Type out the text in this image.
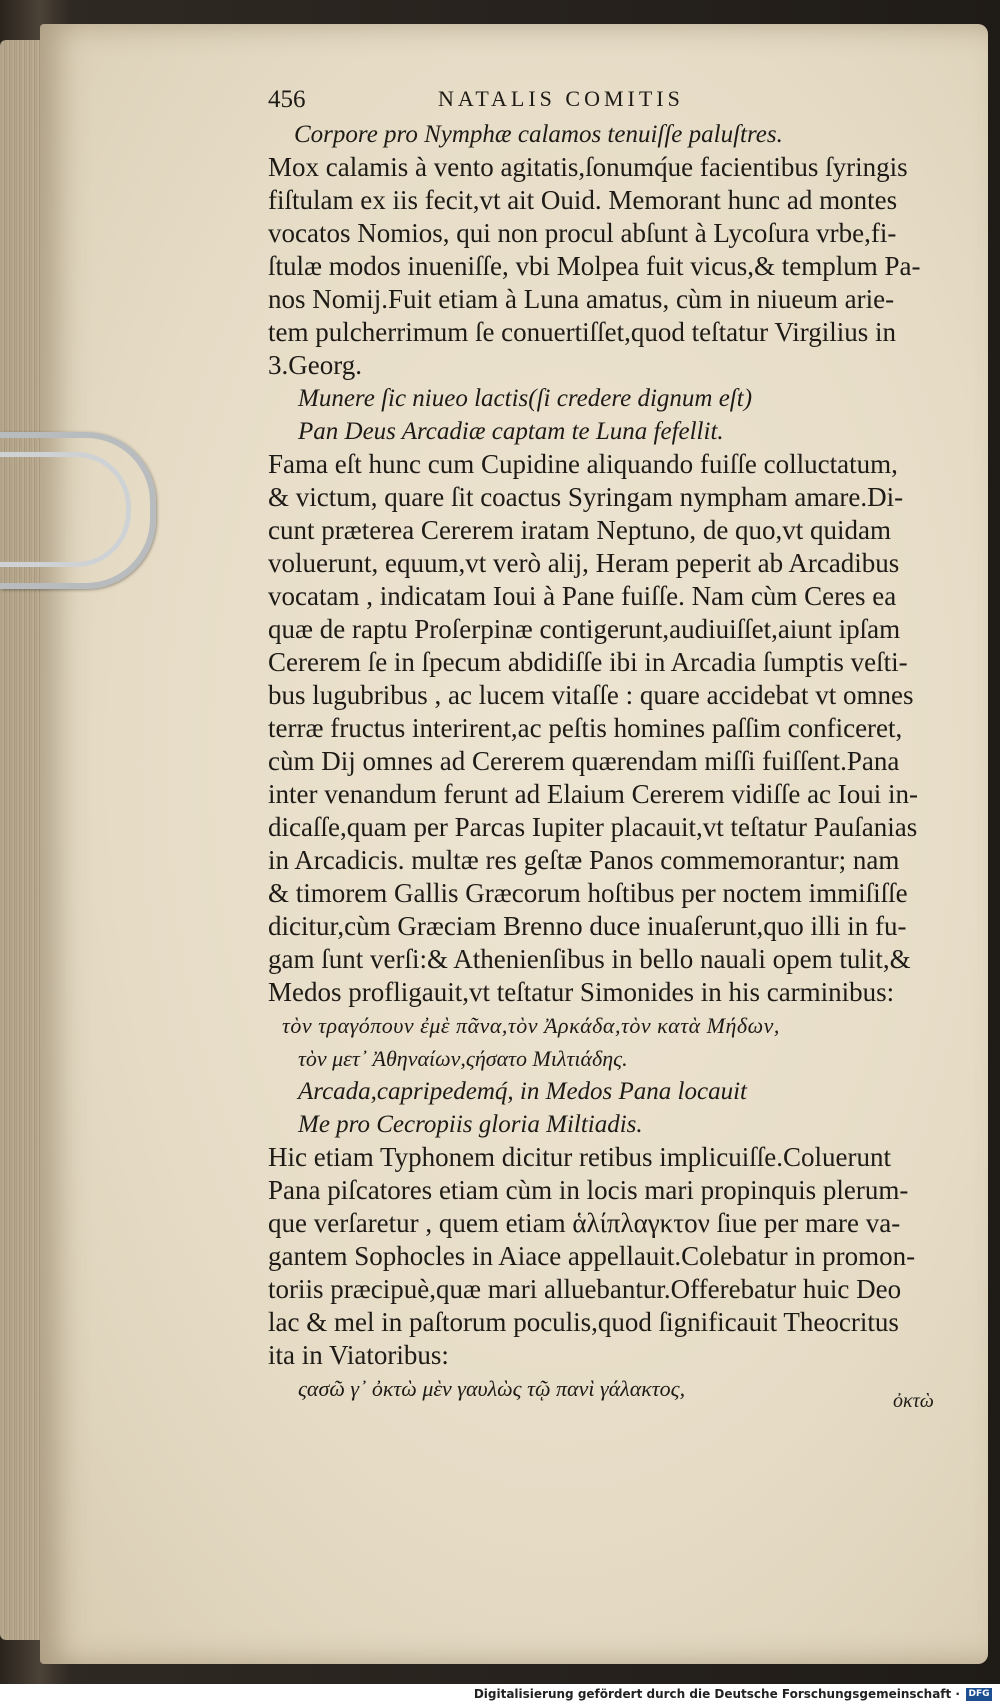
456	NATALIS COMITIS
Corpore pro Nymphæ calamos tenuiſſe paluſtres.
Mox calamis à vento agitatis,ſonumq́ue facientibus ſyringis
fiſtulam ex iis fecit,vt ait Ouid. Memorant hunc ad montes
vocatos Nomios, qui non procul abſunt à Lycoſura vrbe,fi-
ſtulæ modos inueniſſe, vbi Molpea fuit vicus,& templum Pa-
nos Nomij.Fuit etiam à Luna amatus, cùm in niueum arie-
tem pulcherrimum ſe conuertiſſet,quod teſtatur Virgilius in
3.Georg.
Munere ſic niueo lactis(ſi credere dignum eſt)
Pan Deus Arcadiæ captam te Luna fefellit.
Fama eſt hunc cum Cupidine aliquando fuiſſe colluctatum,
& victum, quare ſit coactus Syringam nympham amare.Di-
cunt præterea Cererem iratam Neptuno, de quo,vt quidam
voluerunt, equum,vt verò alij, Heram peperit ab Arcadibus
vocatam , indicatam Ioui à Pane fuiſſe. Nam cùm Ceres ea
quæ de raptu Proſerpinæ contigerunt,audiuiſſet,aiunt ipſam
Cererem ſe in ſpecum abdidiſſe ibi in Arcadia ſumptis veſti-
bus lugubribus , ac lucem vitaſſe : quare accidebat vt omnes
terræ fructus interirent,ac peſtis homines paſſim conficeret,
cùm Dij omnes ad Cererem quærendam miſſi fuiſſent.Pana
inter venandum ferunt ad Elaium Cererem vidiſſe ac Ioui in-
dicaſſe,quam per Parcas Iupiter placauit,vt teſtatur Pauſanias
in Arcadicis. multæ res geſtæ Panos commemorantur; nam
& timorem Gallis Græcorum hoſtibus per noctem immiſiſſe
dicitur,cùm Græciam Brenno duce inuaſerunt,quo illi in fu-
gam ſunt verſi:& Athenienſibus in bello nauali opem tulit,&
Medos profligauit,vt teſtatur Simonides in his carminibus:
τὸν τραγόπουν ἐμὲ πᾶνα,τὸν Ἀρκάδα,τὸν κατὰ Μήδων,
τὸν μετ᾽ Ἀθηναίων,ςήσατο Μιλτιάδης.
Arcada,capripedemq́, in Medos Pana locauit
Me pro Cecropiis gloria Miltiadis.
Hic etiam Typhonem dicitur retibus implicuiſſe.Coluerunt
Pana piſcatores etiam cùm in locis mari propinquis plerum-
que verſaretur , quem etiam ἁλίπλαγκτον ſiue per mare va-
gantem Sophocles in Aiace appellauit.Colebatur in promon-
toriis præcipuè,quæ mari alluebantur.Offerebatur huic Deo
lac & mel in paſtorum poculis,quod ſignificauit Theocritus
ita in Viatoribus:
ςασῶ γ᾽ ὀκτὼ μὲν γαυλὼς τῷ πανὶ γάλακτος,	ὀκτὼ
Digitalisierung gefördert durch die Deutsche Forschungsgemeinschaft · DFG
